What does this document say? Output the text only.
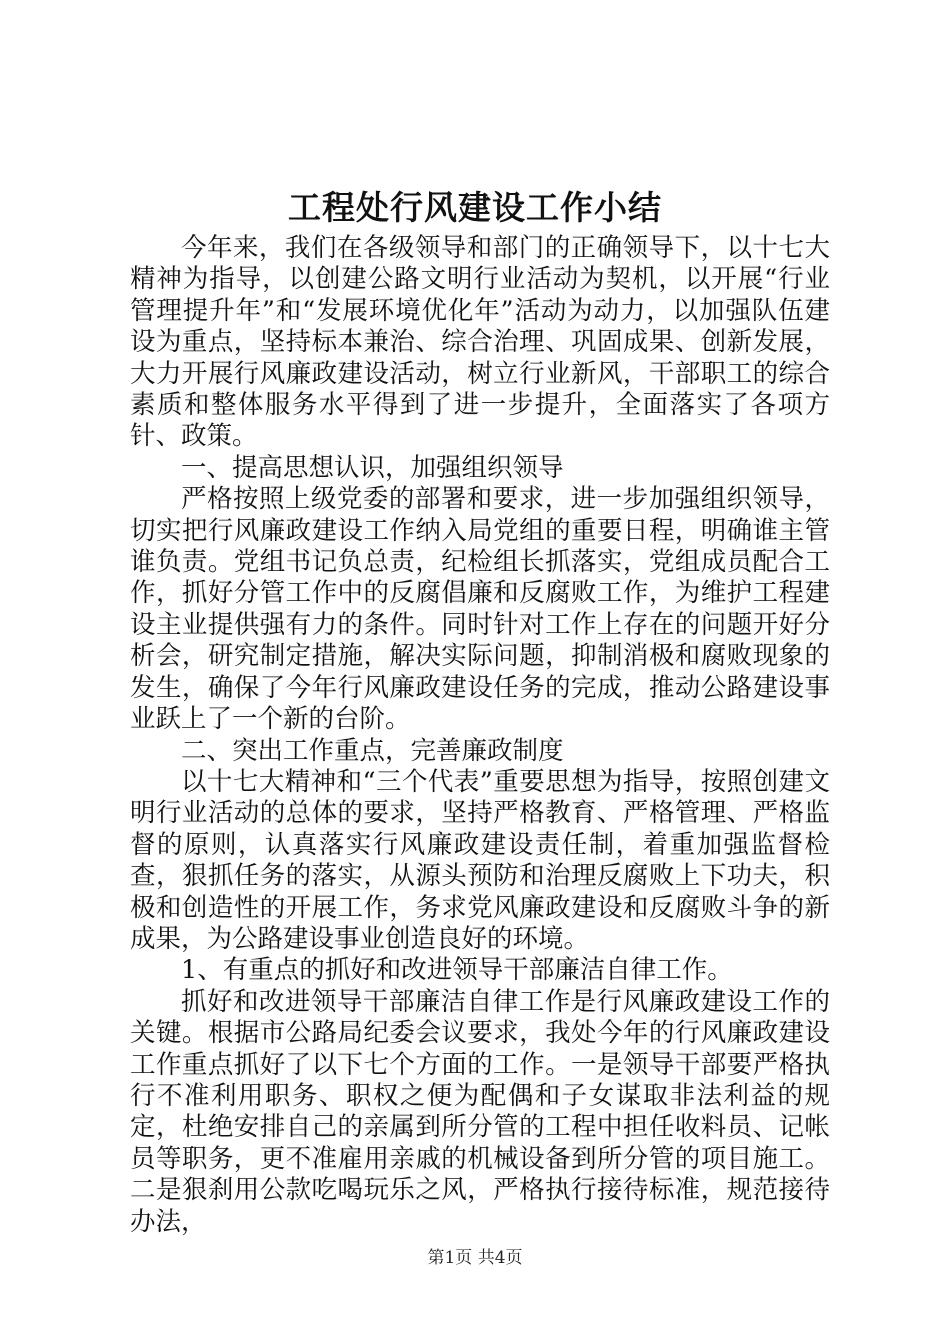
工程处行风建设工作小结

今年来，我们在各级领导和部门的正确领导下，以十七大精神为指导，以创建公路文明行业活动为契机，以开展“行业管理提升年”和“发展环境优化年”活动为动力，以加强队伍建设为重点，坚持标本兼治、综合治理、巩固成果、创新发展，大力开展行风廉政建设活动，树立行业新风，干部职工的综合素质和整体服务水平得到了进一步提升，全面落实了各项方针、政策。

一、提高思想认识，加强组织领导

严格按照上级党委的部署和要求，进一步加强组织领导，切实把行风廉政建设工作纳入局党组的重要日程，明确谁主管谁负责。党组书记负总责，纪检组长抓落实，党组成员配合工作，抓好分管工作中的反腐倡廉和反腐败工作，为维护工程建设主业提供强有力的条件。同时针对工作上存在的问题开好分析会，研究制定措施，解决实际问题，抑制消极和腐败现象的发生，确保了今年行风廉政建设任务的完成，推动公路建设事业跃上了一个新的台阶。

二、突出工作重点，完善廉政制度

以十七大精神和“三个代表”重要思想为指导，按照创建文明行业活动的总体的要求，坚持严格教育、严格管理、严格监督的原则，认真落实行风廉政建设责任制，着重加强监督检查，狠抓任务的落实，从源头预防和治理反腐败上下功夫，积极和创造性的开展工作，务求党风廉政建设和反腐败斗争的新成果，为公路建设事业创造良好的环境。

1、有重点的抓好和改进领导干部廉洁自律工作。

抓好和改进领导干部廉洁自律工作是行风廉政建设工作的关键。根据市公路局纪委会议要求，我处今年的行风廉政建设工作重点抓好了以下七个方面的工作。一是领导干部要严格执行不准利用职务、职权之便为配偶和子女谋取非法利益的规定，杜绝安排自己的亲属到所分管的工程中担任收料员、记帐员等职务，更不准雇用亲戚的机械设备到所分管的项目施工。二是狠刹用公款吃喝玩乐之风，严格执行接待标准，规范接待办法，

第1页 共4页
